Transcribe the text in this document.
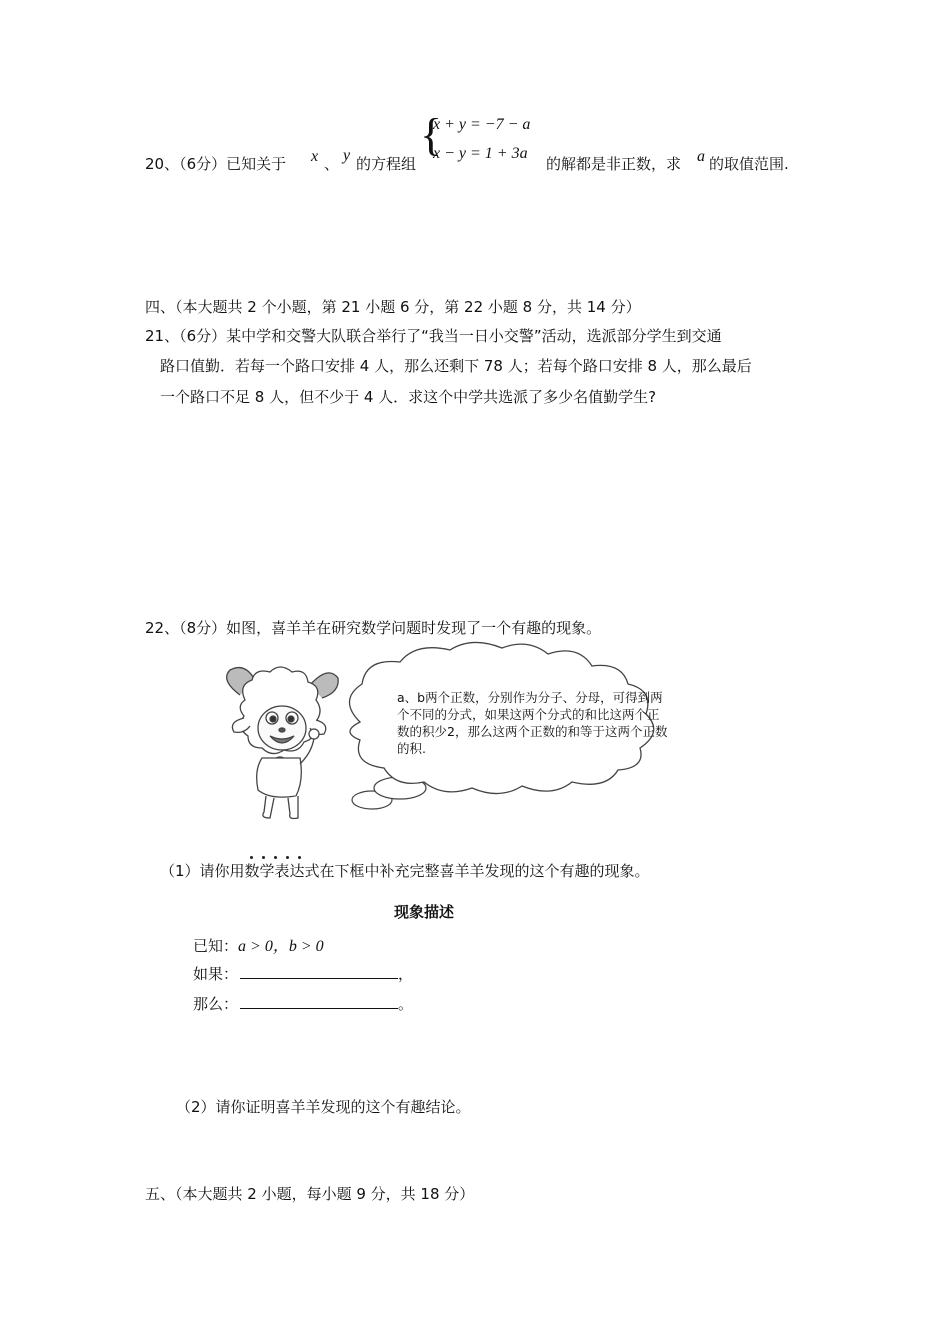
20、（6分）已知关于 x 、 y 的方程组
{
x + y = −7 − a
x − y = 1 + 3a
的解都是非正数，求 a 的取值范围.
四、（本大题共 2 个小题，第 21 小题 6 分，第 22 小题 8 分，共 14 分）
21、（6分）某中学和交警大队联合举行了“我当一日小交警”活动，选派部分学生到交通
路口值勤．若每一个路口安排 4 人，那么还剩下 78 人；若每个路口安排 8 人，那么最后
一个路口不足 8 人，但不少于 4 人．求这个中学共选派了多少名值勤学生?
22、（8分）如图，喜羊羊在研究数学问题时发现了一个有趣的现象。
a、b两个正数，分别作为分子、分母，可得到两
个不同的分式，如果这两个分式的和比这两个正
数的积少2，那么这两个正数的和等于这两个正数
的积.
（1）请你用数学表达式在下框中补充完整喜羊羊发现的这个有趣的现象。
现象描述
已知：a > 0，b > 0
如果：	，
那么：	。
（2）请你证明喜羊羊发现的这个有趣结论。
五、（本大题共 2 小题，每小题 9 分，共 18 分）
